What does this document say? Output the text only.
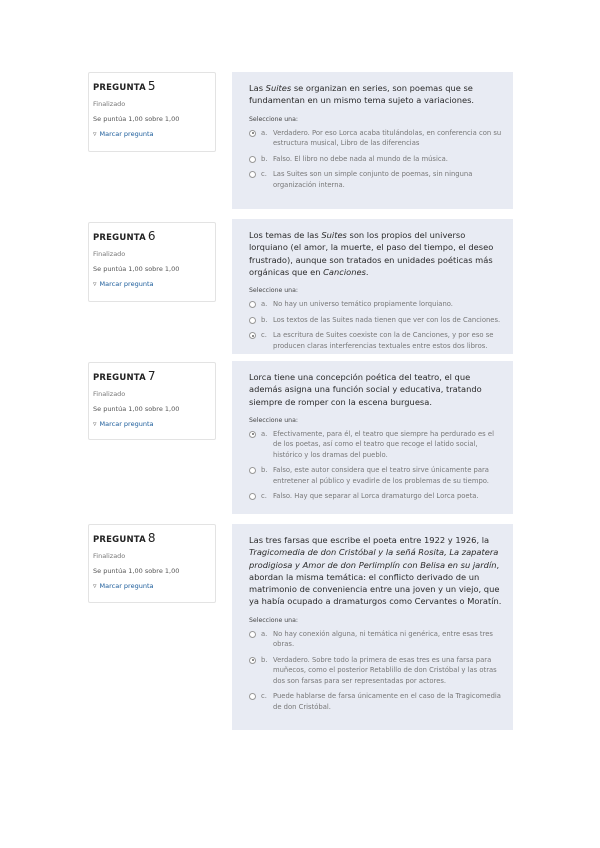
PREGUNTA 5
Finalizado
Se puntúa 1,00 sobre 1,00
▿ Marcar pregunta
Las Suites se organizan en series, son poemas que se fundamentan en un mismo tema sujeto a variaciones.
Seleccione una:
a. Verdadero. Por eso Lorca acaba titulándolas, en conferencia con su estructura musical, Libro de las diferencias
b. Falso. El libro no debe nada al mundo de la música.
c. Las Suites son un simple conjunto de poemas, sin ninguna organización interna.
PREGUNTA 6
Finalizado
Se puntúa 1,00 sobre 1,00
▿ Marcar pregunta
Los temas de las Suites son los propios del universo lorquiano (el amor, la muerte, el paso del tiempo, el deseo frustrado), aunque son tratados en unidades poéticas más orgánicas que en Canciones.
Seleccione una:
a. No hay un universo temático propiamente lorquiano.
b. Los textos de las Suites nada tienen que ver con los de Canciones.
c. La escritura de Suites coexiste con la de Canciones, y por eso se producen claras interferencias textuales entre estos dos libros.
PREGUNTA 7
Finalizado
Se puntúa 1,00 sobre 1,00
▿ Marcar pregunta
Lorca tiene una concepción poética del teatro, el que además asigna una función social y educativa, tratando siempre de romper con la escena burguesa.
Seleccione una:
a. Efectivamente, para él, el teatro que siempre ha perdurado es el de los poetas, así como el teatro que recoge el latido social, histórico y los dramas del pueblo.
b. Falso, este autor considera que el teatro sirve únicamente para entretener al público y evadirle de los problemas de su tiempo.
c. Falso. Hay que separar al Lorca dramaturgo del Lorca poeta.
PREGUNTA 8
Finalizado
Se puntúa 1,00 sobre 1,00
▿ Marcar pregunta
Las tres farsas que escribe el poeta entre 1922 y 1926, la Tragicomedia de don Cristóbal y la señá Rosita, La zapatera prodigiosa y Amor de don Perlimplín con Belisa en su jardín, abordan la misma temática: el conflicto derivado de un matrimonio de conveniencia entre una joven y un viejo, que ya había ocupado a dramaturgos como Cervantes o Moratín.
Seleccione una:
a. No hay conexión alguna, ni temática ni genérica, entre esas tres obras.
b. Verdadero. Sobre todo la primera de esas tres es una farsa para muñecos, como el posterior Retablillo de don Cristóbal y las otras dos son farsas para ser representadas por actores.
c. Puede hablarse de farsa únicamente en el caso de la Tragicomedia de don Cristóbal.
